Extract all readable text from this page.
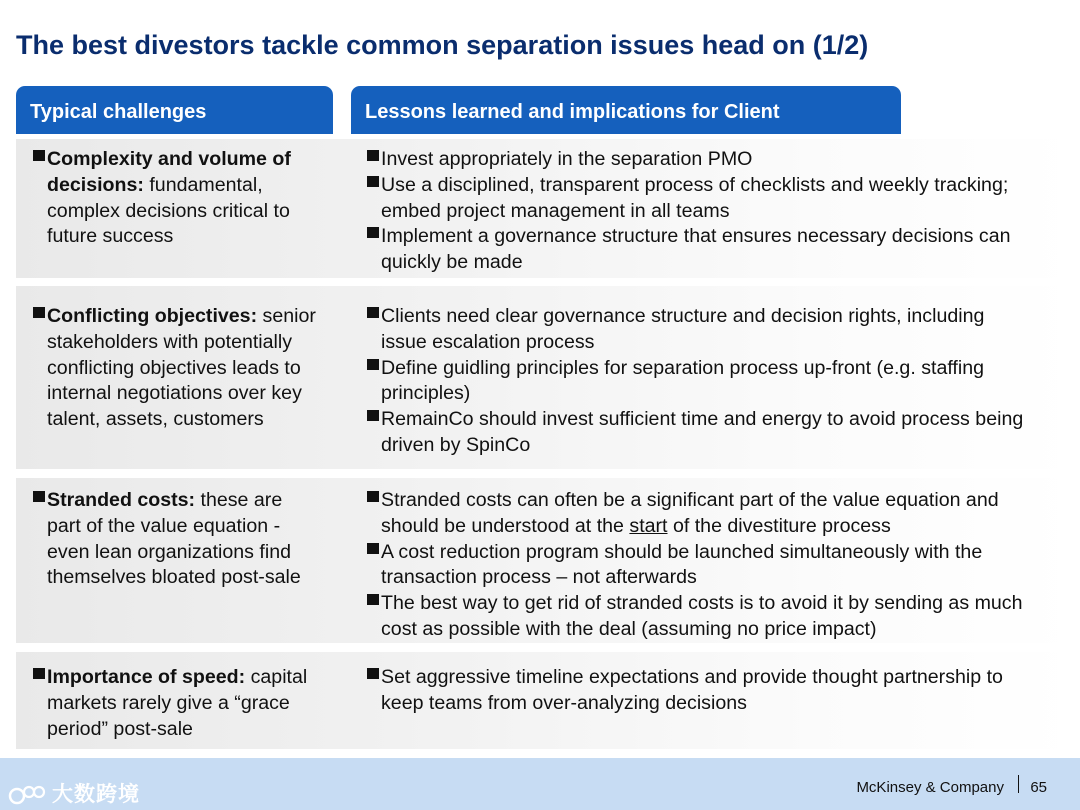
The best divestors tackle common separation issues head on (1/2)
Typical challenges	Lessons learned and implications for Client

Complexity and volume of decisions: fundamental, complex decisions critical to future success

Invest appropriately in the separation PMO

Use a disciplined, transparent process of checklists and weekly tracking; embed project management in all teams

Implement a governance structure that ensures necessary decisions can quickly be made

Conflicting objectives: senior stakeholders with potentially conflicting objectives leads to internal negotiations over key talent, assets, customers

Clients need clear governance structure and decision rights, including issue escalation process

Define guidling principles for separation process up-front (e.g. staffing principles)

RemainCo should invest sufficient time and energy to avoid process being driven by SpinCo

Stranded costs: these are part of the value equation - even lean organizations find themselves bloated post-sale

Stranded costs can often be a significant part of the value equation and should be understood at the start of the divestiture process

A cost reduction program should be launched simultaneously with the transaction process – not afterwards

The best way to get rid of stranded costs is to avoid it by sending as much cost as possible with the deal (assuming no price impact)

Importance of speed: capital markets rarely give a “grace period” post-sale

Set aggressive timeline expectations and provide thought partnership to keep teams from over-analyzing decisions

大数跨境	McKinsey & Company 65
